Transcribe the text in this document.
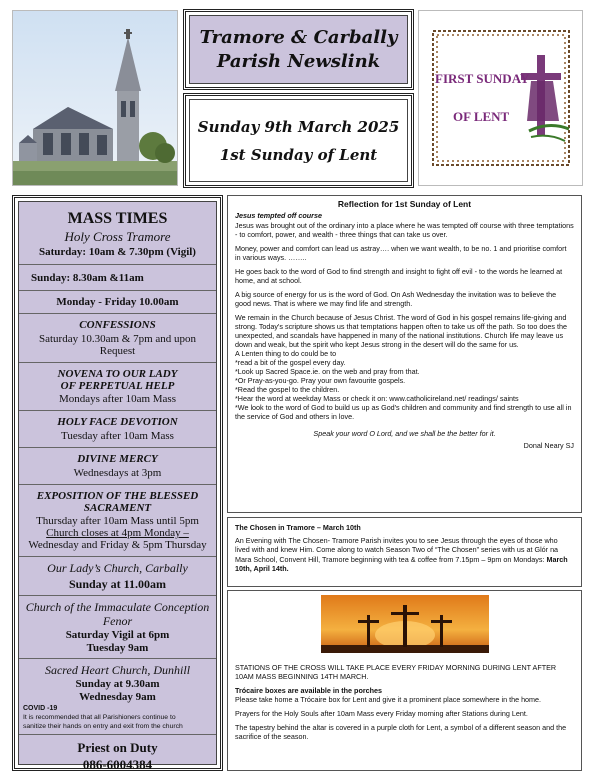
Tramore & Carbally
Parish Newslink
Sunday 9th March 2025
1st Sunday of Lent
FIRST SUNDAY
OF LENT
MASS TIMES
Holy Cross Tramore
Saturday: 10am & 7.30pm (Vigil)
Sunday: 8.30am &11am
Monday - Friday 10.00am
CONFESSIONS
Saturday 10.30am & 7pm and upon
Request
NOVENA TO OUR LADY
OF PERPETUAL HELP
Mondays after 10am Mass
HOLY FACE DEVOTION
Tuesday after 10am Mass
DIVINE MERCY
Wednesdays at 3pm
EXPOSITION OF THE BLESSED
SACRAMENT
Thursday after 10am Mass until 5pm
Church closes at 4pm Monday –
Wednesday and Friday & 5pm Thursday
Our Lady’s Church, Carbally
Sunday at 11.00am
Church of the Immaculate Conception
Fenor
Saturday Vigil at 6pm
Tuesday 9am
Sacred Heart Church, Dunhill
Sunday at 9.30am
Wednesday 9am
COVID -19
It is recommended that all Parishioners continue to
sanitize their hands on entry and exit from the church
Priest on Duty
086-6004384
Reflection for 1st Sunday of Lent
Jesus tempted off course

Jesus was brought out of the ordinary into a place where he was tempted off course with three temptations - to comfort, power, and wealth - three things that can take us over.

Money, power and comfort can lead us astray…. when we want wealth, to be no. 1 and prioritise comfort in various ways. ……..

He goes back to the word of God to find strength and insight to fight off evil - to the words he learned at home, and at school.

A big source of energy for us is the word of God. On Ash Wednesday the invitation was to believe the good news. That is where we may find life and strength.

We remain in the Church because of Jesus Christ. The word of God in his gospel remains life-giving and strong. Today's scripture shows us that temptations happen often to take us off the path. So too does the unexpected, and scandals have happened in many of the national institutions. Church life may leave us down and weak, but the spirit who kept Jesus strong in the desert will do the same for us.

A Lenten thing to do could be to
*read a bit of the gospel every day.
*Look up Sacred Space.ie. on the web and pray from that.
*Or Pray-as-you-go. Pray your own favourite gospels.
*Read the gospel to the children.
*Hear the word at weekday Mass or check it on: www.catholicireland.net/ readings/ saints
*We look to the word of God to build us up as God's children and community and find strength to use all in the service of God and others in love.
Speak your word O Lord, and we shall be the better for it.
Donal Neary SJ
The Chosen in Tramore – March 10th
An Evening with The Chosen- Tramore Parish invites you to see Jesus through the eyes of those who lived with and knew Him. Come along to watch Season Two of “The Chosen” series with us at Glór na Mara School, Convent Hill, Tramore beginning with tea & coffee from 7.15pm – 9pm on Mondays: March 10th, April 14th.

STATIONS OF THE CROSS WILL TAKE PLACE EVERY FRIDAY MORNING DURING LENT AFTER 10AM MASS BEGINNING 14TH MARCH.

Trócaire boxes are available in the porches

Please take home a Trócaire box for Lent and give it a prominent place somewhere in the home.

Prayers for the Holy Souls after 10am Mass every Friday morning after Stations during Lent.

The tapestry behind the altar is covered in a purple cloth for Lent, a symbol of a different season and the sacrifice of the season.
